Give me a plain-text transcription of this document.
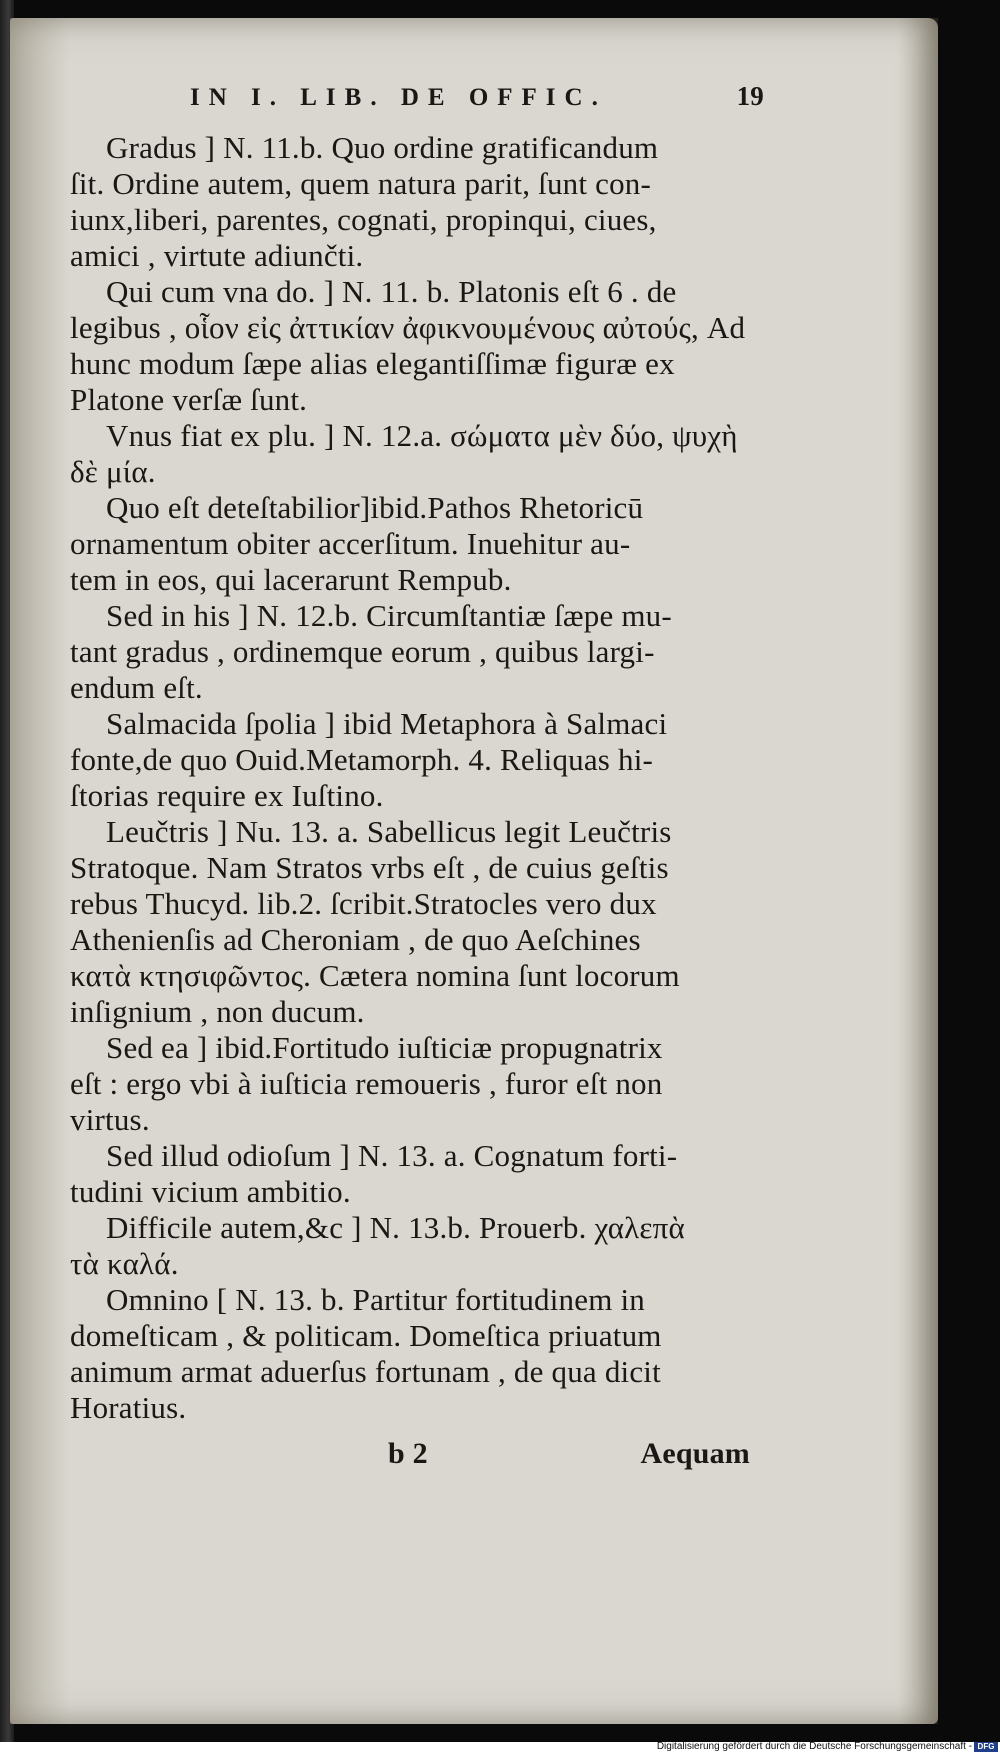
IN I. LIB. DE OFFIC.	19
Gradus ] N. 11.b. Quo ordine gratificandum
ſit. Ordine autem, quem natura parit, ſunt con-
iunx,liberi, parentes, cognati, propinqui, ciues,
amici , virtute adiunčti.
Qui cum vna do. ] N. 11. b. Platonis eſt 6 . de
legibus , οἷον εἰς ἀττικίαν ἀφικνουμένους αὐτούς, Ad
hunc modum ſæpe alias elegantiſſimæ figuræ ex
Platone verſæ ſunt.
Vnus fiat ex plu. ] N. 12.a. σώματα μὲν δύο, ψυχὴ
δὲ μία.
Quo eſt deteſtabilior]ibid.Pathos Rhetoricū
ornamentum obiter accerſitum. Inuehitur au-
tem in eos, qui lacerarunt Rempub.
Sed in his ] N. 12.b. Circumſtantiæ ſæpe mu-
tant gradus , ordinemque eorum , quibus largi-
endum eſt.
Salmacida ſpolia ] ibid Metaphora à Salmaci
fonte,de quo Ouid.Metamorph. 4. Reliquas hi-
ſtorias require ex Iuſtino.
Leučtris ] Nu. 13. a. Sabellicus legit Leučtris
Stratoque. Nam Stratos vrbs eſt , de cuius geſtis
rebus Thucyd. lib.2. ſcribit.Stratocles vero dux
Athenienſis ad Cheroniam , de quo Aeſchines
κατὰ κτησιφῶντος. Cætera nomina ſunt locorum
inſignium , non ducum.
Sed ea ] ibid.Fortitudo iuſticiæ propugnatrix
eſt : ergo vbi à iuſticia remoueris , furor eſt non
virtus.
Sed illud odioſum ] N. 13. a. Cognatum forti-
tudini vicium ambitio.
Difficile autem,&c ] N. 13.b. Prouerb. χαλεπὰ
τὰ καλά.
Omnino [ N. 13. b. Partitur fortitudinem in
domeſticam , & politicam. Domeſtica priuatum
animum armat aduerſus fortunam , de qua dicit
Horatius.
b 2	Aequam
Digitalisierung gefördert durch die Deutsche Forschungsgemeinschaft - DFG
